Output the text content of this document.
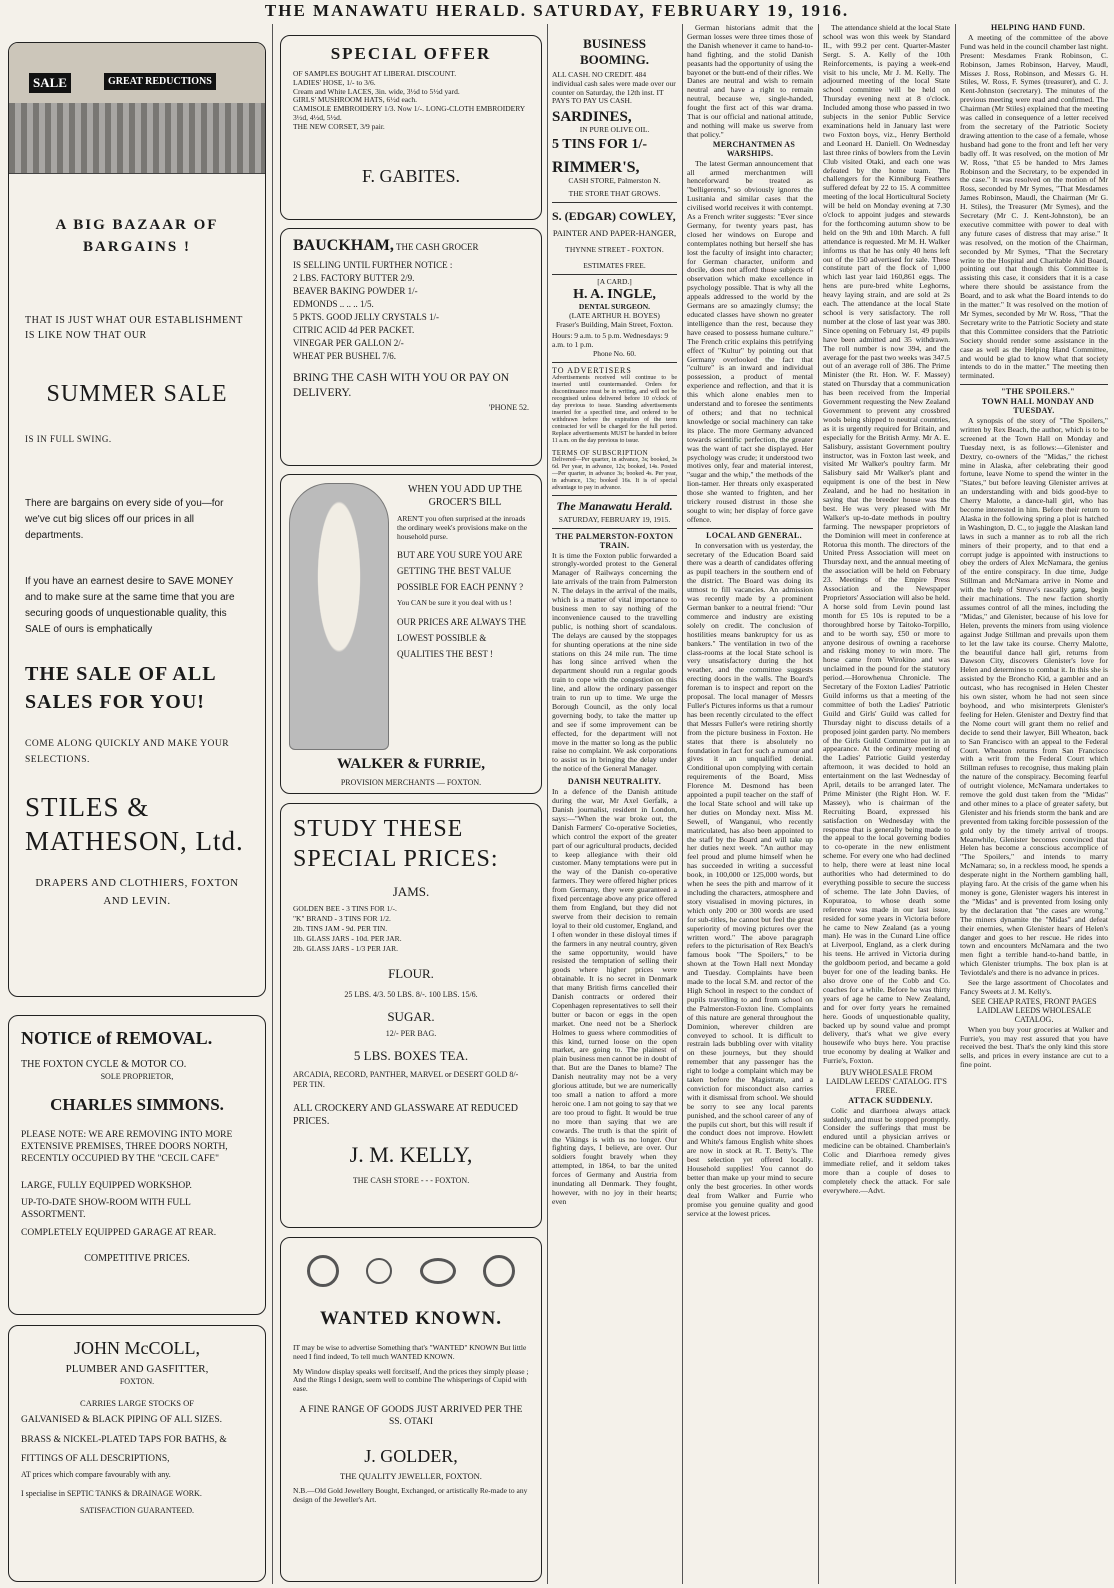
THE MANAWATU HERALD. SATURDAY, FEBRUARY 19, 1916.
SALE	GREAT REDUCTIONS

A BIG BAZAAR OF BARGAINS !

THAT IS JUST WHAT OUR ESTABLISHMENT IS LIKE NOW THAT OUR

SUMMER SALE

IS IN FULL SWING.

There are bargains on every side of you—for we've cut big slices off our prices in all departments.

If you have an earnest desire to SAVE MONEY and to make sure at the same time that you are securing goods of unquestionable quality, this SALE of ours is emphatically

THE SALE OF ALL SALES FOR YOU!

COME ALONG QUICKLY AND MAKE YOUR SELECTIONS.

STILES & MATHESON, Ltd.

DRAPERS AND CLOTHIERS, FOXTON AND LEVIN.

NOTICE of REMOVAL.

THE FOXTON CYCLE & MOTOR CO.

SOLE PROPRIETOR,

CHARLES SIMMONS.

PLEASE NOTE: WE ARE REMOVING INTO MORE EXTENSIVE PREMISES, THREE DOORS NORTH, RECENTLY OCCUPIED BY THE "CECIL CAFE"

LARGE, FULLY EQUIPPED WORKSHOP.

UP-TO-DATE SHOW-ROOM WITH FULL ASSORTMENT.

COMPLETELY EQUIPPED GARAGE AT REAR.

COMPETITIVE PRICES.

JOHN McCOLL,

PLUMBER AND GASFITTER,

FOXTON.

CARRIES LARGE STOCKS OF

GALVANISED & BLACK PIPING OF ALL SIZES.

BRASS & NICKEL-PLATED TAPS FOR BATHS, &

FITTINGS OF ALL DESCRIPTIONS,

AT prices which compare favourably with any.

I specialise in SEPTIC TANKS & DRAINAGE WORK.

SATISFACTION GUARANTEED.

SPECIAL OFFER

OF SAMPLES BOUGHT AT LIBERAL DISCOUNT.

LADIES' HOSE, 1/- to 3/6.

Cream and White LACES, 3in. wide, 3½d to 5½d yard.

GIRLS' MUSHROOM HATS, 6½d each.

CAMISOLE EMBROIDERY 1/3. Now 1/-. LONG-CLOTH EMBROIDERY 3½d, 4½d, 5½d.

THE NEW CORSET, 3/9 pair.

F. GABITES.

BAUCKHAM, THE CASH GROCER

IS SELLING UNTIL FURTHER NOTICE :

2 LBS. FACTORY BUTTER 2/9.

BEAVER BAKING POWDER 1/-

EDMONDS .. .. .. 1/5.

5 PKTS. GOOD JELLY CRYSTALS 1/-

CITRIC ACID 4d PER PACKET.

VINEGAR PER GALLON 2/-

WHEAT PER BUSHEL 7/6.

BRING THE CASH WITH YOU OR PAY ON DELIVERY.

'PHONE 52.

WHEN YOU ADD UP THE GROCER'S BILL

AREN'T you often surprised at the inroads the ordinary week's provisions make on the household purse.

BUT ARE YOU SURE YOU ARE GETTING THE BEST VALUE POSSIBLE FOR EACH PENNY ?

You CAN be sure it you deal with us !

OUR PRICES ARE ALWAYS THE LOWEST POSSIBLE & QUALITIES THE BEST !

WALKER & FURRIE,

PROVISION MERCHANTS — FOXTON.

STUDY THESE SPECIAL PRICES:

JAMS.

GOLDEN BEE - 3 TINS FOR 1/-.

"K" BRAND - 3 TINS FOR 1/2.

2lb. TINS JAM - 9d. PER TIN.

1lb. GLASS JARS - 10d. PER JAR.

2lb. GLASS JARS - 1/3 PER JAR.

FLOUR.

25 LBS. 4/3. 50 LBS. 8/-. 100 LBS. 15/6.

SUGAR.

12/- PER BAG.

5 LBS. BOXES TEA.

ARCADIA, RECORD, PANTHER, MARVEL or DESERT GOLD 8/- PER TIN.

ALL CROCKERY AND GLASSWARE AT REDUCED PRICES.

J. M. KELLY,

THE CASH STORE - - - FOXTON.

WANTED KNOWN.

IT may be wise to advertise Something that's "WANTED" KNOWN But little need I find indeed, To tell much WANTED KNOWN.

My Window display speaks well forcitself, And the prices they simply please ; And the Rings I design, seem well to combine The whisperings of Cupid with ease.

A FINE RANGE OF GOODS JUST ARRIVED PER THE SS. OTAKI

J. GOLDER,

THE QUALITY JEWELLER, FOXTON.

N.B.—Old Gold Jewellery Bought, Exchanged, or artistically Re-made to any design of the Jeweller's Art.

BUSINESS BOOMING.

ALL CASH. NO CREDIT. 484 individual cash sales were made over our counter on Saturday, the 12th inst. IT PAYS TO PAY US CASH.

SARDINES,

IN PURE OLIVE OIL.

5 TINS FOR 1/-

RIMMER'S,

CASH STORE, Palmerston N.

THE STORE THAT GROWS.

S. (EDGAR) COWLEY,

PAINTER AND PAPER-HANGER,

THYNNE STREET - FOXTON.

ESTIMATES FREE.

[A CARD.]

H. A. INGLE,

DENTAL SURGEON.

(LATE ARTHUR H. BOYES)

Fraser's Building, Main Street, Foxton.

Hours: 9 a.m. to 5 p.m. Wednesdays: 9 a.m. to 1 p.m.

Phone No. 60.

TO ADVERTISERS

Advertisements received will continue to be inserted until countermanded. Orders for discontinuance must be in writing, and will not be recognised unless delivered before 10 o'clock of day previous to issue. Standing advertisements inserted for a specified time, and ordered to be withdrawn before the expiration of the term contracted for will be charged for the full period. Replace advertisements MUST be handed in before 11 a.m. on the day previous to issue.

TERMS OF SUBSCRIPTION

Delivered—Per quarter, in advance, 3s; booked, 3s 6d. Per year, in advance, 12s; booked, 14s. Posted—Per quarter, in advance 3s; booked 4s. Per year, in advance, 13s; booked 16s. It is of special advantage to pay in advance.

The Manawatu Herald.

SATURDAY, FEBRUARY 19, 1915.

THE PALMERSTON-FOXTON TRAIN.

It is time the Foxton public forwarded a strongly-worded protest to the General Manager of Railways concerning the late arrivals of the train from Palmerston N. The delays in the arrival of the mails, which is a matter of vital importance to business men to say nothing of the inconvenience caused to the travelling public, is nothing short of scandalous. The delays are caused by the stoppages for shunting operations at the nine side stations on this 24 mile run. The time has long since arrived when the department should run a regular goods train to cope with the congestion on this line, and allow the ordinary passenger train to run up to time. We urge the Borough Council, as the only local governing body, to take the matter up and see if some improvement can be effected, for the department will not move in the matter so long as the public raise no complaint. We ask corporations to assist us in bringing the delay under the notice of the General Manager.

DANISH NEUTRALITY.

In a defence of the Danish attitude during the war, Mr Axel Gerfalk, a Danish journalist, resident in London, says:—"When the war broke out, the Danish Farmers' Co-operative Societies, which control the export of the greater part of our agricultural products, decided to keep allegiance with their old customer. Many temptations were put in the way of the Danish co-operative farmers. They were offered higher prices from Germany, they were guaranteed a fixed percentage above any price offered them from England, but they did not swerve from their decision to remain loyal to their old customer, England, and I often wonder in these disloyal times if the farmers in any neutral country, given the same opportunity, would have resisted the temptation of selling their goods where higher prices were obtainable. It is no secret in Denmark that many British firms cancelled their Danish contracts or ordered their Copenhagen representatives to sell their butter or bacon or eggs in the open market. One need not be a Sherlock Holmes to guess where commodities of this kind, turned loose on the open market, are going to. The plainest of plain business men cannot be in doubt of that. But are the Danes to blame? The Danish neutrality may not be a very glorious attitude, but we are numerically too small a nation to afford a more heroic one. I am not going to say that we are too proud to fight. It would be true no more than saying that we are cowards. The truth is that the spirit of the Vikings is with us no longer. Our fighting days, I believe, are over. Our soldiers fought bravely when they attempted, in 1864, to bar the united forces of Germany and Austria from inundating all Denmark. They fought, however, with no joy in their hearts; even

German historians admit that the German losses were three times those of the Danish whenever it came to hand-to-hand fighting, and the stolid Danish peasants had the opportunity of using the bayonet or the butt-end of their rifles. We Danes are neutral and wish to remain neutral and have a right to remain neutral, because we, single-handed, fought the first act of this war drama. That is our official and national attitude, and nothing will make us swerve from that policy."

MERCHANTMEN AS WARSHIPS.

The latest German announcement that all armed merchantmen will henceforward be treated as "belligerents," so obviously ignores the Lusitania and similar cases that the civilised world receives it with contempt. As a French writer suggests: "Ever since Germany, for twenty years past, has closed her windows on Europe and contemplates nothing but herself she has lost the faculty of insight into character; for German character, uniform and docile, does not afford those subjects of observation which make excellence in psychology possible. That is why all the appeals addressed to the world by the Germans are so amazingly clumsy; the educated classes have shown no greater intelligence than the rest, because they have ceased to possess humane culture." The French critic explains this petrifying effect of "Kultur" by pointing out that Germany overlooked the fact that "culture" is an inward and individual possession, a product of mental experience and reflection, and that it is this which alone enables men to understand and to foresee the sentiments of others; and that no technical knowledge or social machinery can take its place. The more Germany advanced towards scientific perfection, the greater was the want of tact she displayed. Her psychology was crude; it understood two motives only, fear and material interest, "sugar and the whip," the methods of the lion-tamer. Her threats only exasperated those she wanted to frighten, and her trickery roused distrust in those she sought to win; her display of force gave offence.

LOCAL AND GENERAL.

In conversation with us yesterday, the secretary of the Education Board said there was a dearth of candidates offering as pupil teachers in the southern end of the district. The Board was doing its utmost to fill vacancies. An admission was recently made by a prominent German banker to a neutral friend: "Our commerce and industry are existing solely on credit. The conclusion of hostilities means bankruptcy for us as bankers." The ventilation in two of the class-rooms at the local State school is very unsatisfactory during the hot weather, and the committee suggests erecting doors in the walls. The Board's foreman is to inspect and report on the proposal. The local manager of Messrs Fuller's Pictures informs us that a rumour has been recently circulated to the effect that Messrs Fuller's were retiring shortly from the picture business in Foxton. He states that there is absolutely no foundation in fact for such a rumour and gives it an unqualified denial. Conditional upon complying with certain requirements of the Board, Miss Florence M. Desmond has been appointed a pupil teacher on the staff of the local State school and will take up her duties on Monday next. Miss M. Sewell, of Wanganui, who recently matriculated, has also been appointed to the staff by the Board and will take up her duties next week. "An author may feel proud and plume himself when he has succeeded in writing a successful book, in 100,000 or 125,000 words, but when he sees the pith and marrow of it including the characters, atmosphere and story visualised in moving pictures, in which only 200 or 300 words are used for sub-titles, he cannot but feel the great superiority of moving pictures over the written word." The above paragraph refers to the picturisation of Rex Beach's famous book "The Spoilers," to be shown at the Town Hall next Monday and Tuesday. Complaints have been made to the local S.M. and rector of the High School in respect to the conduct of pupils travelling to and from school on the Palmerston-Foxton line. Complaints of this nature are general throughout the Dominion, wherever children are conveyed to school. It is difficult to restrain lads bubbling over with vitality on these journeys, but they should remember that any passenger has the right to lodge a complaint which may be taken before the Magistrate, and a conviction for misconduct also carries with it dismissal from school. We should be sorry to see any local parents punished, and the school career of any of the pupils cut short, but this will result if the conduct does not improve. Howlett and White's famous English white shoes are now in stock at R. T. Betty's. The best selection yet offered locally. Household supplies! You cannot do better than make up your mind to secure only the best groceries. In other words deal from Walker and Furrie who promise you genuine quality and good service at the lowest prices.

The attendance shield at the local State school was won this week by Standard II., with 99.2 per cent. Quarter-Master Sergt. S. A. Kelly of the 10th Reinforcements, is paying a week-end visit to his uncle, Mr J. M. Kelly. The adjourned meeting of the local State school committee will be held on Thursday evening next at 8 o'clock. Included among those who passed in two subjects in the senior Public Service examinations held in January last were two Foxton boys, viz., Henry Berthold and Leonard H. Daniell. On Wednesday last three rinks of bowlers from the Levin Club visited Otaki, and each one was defeated by the home team. The challengers for the Kinniburg Feathers suffered defeat by 22 to 15. A committee meeting of the local Horticultural Society will be held on Monday evening at 7.30 o'clock to appoint judges and stewards for the forthcoming autumn show to be held on the 9th and 10th March. A full attendance is requested. Mr M. H. Walker informs us that he has only 40 hens left out of the 150 advertised for sale. These constitute part of the flock of 1,000 which last year laid 160,861 eggs. The hens are pure-bred white Leghorns, heavy laying strain, and are sold at 2s each. The attendance at the local State school is very satisfactory. The roll number at the close of last year was 380. Since opening on February 1st, 49 pupils have been admitted and 35 withdrawn. The roll number is now 394, and the average for the past two weeks was 347.5 out of an average roll of 386. The Prime Minister (the Rt. Hon. W. F. Massey) stated on Thursday that a communication has been received from the Imperial Government requesting the New Zealand Government to prevent any crossbred wools being shipped to neutral countries, as it is urgently required for Britain, and especially for the British Army. Mr A. E. Salisbury, assistant Government poultry instructor, was in Foxton last week, and visited Mr Walker's poultry farm. Mr Salisbury said Mr Walker's plant and equipment is one of the best in New Zealand, and he had no hesitation in saying that the breeder house was the best. He was very pleased with Mr Walker's up-to-date methods in poultry farming. The newspaper proprietors of the Dominion will meet in conference at Rotorua this month. The directors of the United Press Association will meet on Thursday next, and the annual meeting of the association will be held on February 23. Meetings of the Empire Press Association and the Newspaper Proprietors' Association will also be held. A horse sold from Levin pound last month for £5 10s is reputed to be a thoroughbred horse by Taitoko-Torpillo, and to be worth say, £50 or more to anyone desirous of owning a racehorse and risking money to win more. The horse came from Wirokino and was unclaimed in the pound for the statutory period.—Horowhenua Chronicle. The Secretary of the Foxton Ladies' Patriotic Guild informs us that a meeting of the committee of both the Ladies' Patriotic Guild and Girls' Guild was called for Thursday night to discuss details of a proposed joint garden party. No members of the Girls Guild Committee put in an appearance. At the ordinary meeting of the Ladies' Patriotic Guild yesterday afternoon, it was decided to hold an entertainment on the last Wednesday of April, details to be arranged later. The Prime Minister (the Right Hon. W. F. Massey), who is chairman of the Recruiting Board, expressed his satisfaction on Wednesday with the response that is generally being made to the appeal to the local governing bodies to co-operate in the new enlistment scheme. For every one who had declined to help, there were at least nine local authorities who had determined to do everything possible to secure the success of scheme. The late John Davies, of Kopuratoa, to whose death some reference was made in our last issue, resided for some years in Victoria before he came to New Zealand (as a young man). He was in the Cunard Line office at Liverpool, England, as a clerk during his teens. He arrived in Victoria during the goldboom period, and became a gold buyer for one of the leading banks. He also drove one of the Cobb and Co. coaches for a while. Before he was thirty years of age he came to New Zealand, and for over forty years he remained here. Goods of unquestionable quality, backed up by sound value and prompt delivery, that's what we give every housewife who buys here. You practise true economy by dealing at Walker and Furrie's, Foxton.

BUY WHOLESALE FROM LAIDLAW LEEDS' CATALOG. IT'S FREE.

ATTACK SUDDENLY.

Colic and diarrhoea always attack suddenly, and must be stopped promptly. Consider the sufferings that must be endured until a physician arrives or medicine can be obtained. Chamberlain's Colic and Diarrhoea remedy gives immediate relief, and it seldom takes more than a couple of doses to completely check the attack. For sale everywhere.—Advt.

HELPING HAND FUND.

A meeting of the committee of the above Fund was held in the council chamber last night. Present: Mesdames Frank Robinson, C. Robinson, James Robinson, Harvey, Maudl, Misses J. Ross, Robinson, and Messrs G. H. Stiles, W. Ross, F. Symes (treasurer), and C. J. Kent-Johnston (secretary). The minutes of the previous meeting were read and confirmed. The Chairman (Mr Stiles) explained that the meeting was called in consequence of a letter received from the secretary of the Patriotic Society drawing attention to the case of a female, whose husband had gone to the front and left her very badly off. It was resolved, on the motion of Mr W. Ross, "that £5 be handed to Mrs James Robinson and the Secretary, to be expended in the case." It was resolved on the motion of Mr Ross, seconded by Mr Symes, "That Mesdames James Robinson, Maudl, the Chairman (Mr G. H. Stiles), the Treasurer (Mr Symes), and the Secretary (Mr C. J. Kent-Johnston), be an executive committee with power to deal with any future cases of distress that may arise." It was resolved, on the motion of the Chairman, seconded by Mr Symes, "That the Secretary write to the Hospital and Charitable Aid Board, pointing out that though this Committee is assisting this case, it considers that it is a case where there should be assistance from the Board, and to ask what the Board intends to do in the matter." It was resolved on the motion of Mr Symes, seconded by Mr W. Ross, "That the Secretary write to the Patriotic Society and state that this Committee considers that the Patriotic Society should render some assistance in the case as well as the Helping Hand Committee, and would be glad to know what that society intends to do in the matter." The meeting then terminated.

"THE SPOILERS."

TOWN HALL MONDAY AND TUESDAY.

A synopsis of the story of "The Spoilers," written by Rex Beach, the author, which is to be screened at the Town Hall on Monday and Tuesday next, is as follows:—Glenister and Dextry, co-owners of the "Midas," the richest mine in Alaska, after celebrating their good fortune, leave Nome to spend the winter in the "States," but before leaving Glenister arrives at an understanding with and bids good-bye to Cherry Malotte, a dance-hall girl, who has become interested in him. Before their return to Alaska in the following spring a plot is hatched in Washington, D. C., to juggle the Alaskan land laws in such a manner as to rob all the rich miners of their property, and to that end a corrupt judge is appointed with instructions to obey the orders of Alex McNamara, the genius of the entire conspiracy. In due time, Judge Stillman and McNamara arrive in Nome and with the help of Struve's rascally gang, begin their machinations. The new faction shortly assumes control of all the mines, including the "Midas," and Glenister, because of his love for Helen, prevents the miners from using violence against Judge Stillman and prevails upon them to let the law take its course. Cherry Malotte, the beautiful dance hall girl, returns from Dawson City, discovers Glenister's love for Helen and determines to combat it. In this she is assisted by the Broncho Kid, a gambler and an outcast, who has recognised in Helen Chester his own sister, whom he had not seen since boyhood, and who misinterprets Glenister's feeling for Helen. Glenister and Dextry find that the Nome court will grant them no relief and decide to send their lawyer, Bill Wheaton, back to San Francisco with an appeal to the Federal Court. Wheaton returns from San Francisco with a writ from the Federal Court which Stillman refuses to recognise, thus making plain the nature of the conspiracy. Becoming fearful of outright violence, McNamara undertakes to remove the gold dust taken from the "Midas" and other mines to a place of greater safety, but Glenister and his friends storm the bank and are prevented from taking forcible possession of the gold only by the timely arrival of troops. Meanwhile, Glenister becomes convinced that Helen has become a conscious accomplice of "The Spoilers," and intends to marry McNamara; so, in a reckless mood, he spends a desperate night in the Northern gambling hall, playing faro. At the crisis of the game when his money is gone, Glenister wagers his interest in the "Midas" and is prevented from losing only by the declaration that "the cases are wrong." The miners dynamite the "Midas" and defeat their enemies, when Glenister hears of Helen's danger and goes to her rescue. He rides into town and encounters McNamara and the two men fight a terrible hand-to-hand battle, in which Glenister triumphs. The box plan is at Teviotdale's and there is no advance in prices.

See the large assortment of Chocolates and Fancy Sweets at J. M. Kelly's.

SEE CHEAP RATES, FRONT PAGES LAIDLAW LEEDS WHOLESALE CATALOG.

When you buy your groceries at Walker and Furrie's, you may rest assured that you have received the best. That's the only kind this store sells, and prices in every instance are cut to a fine point.
